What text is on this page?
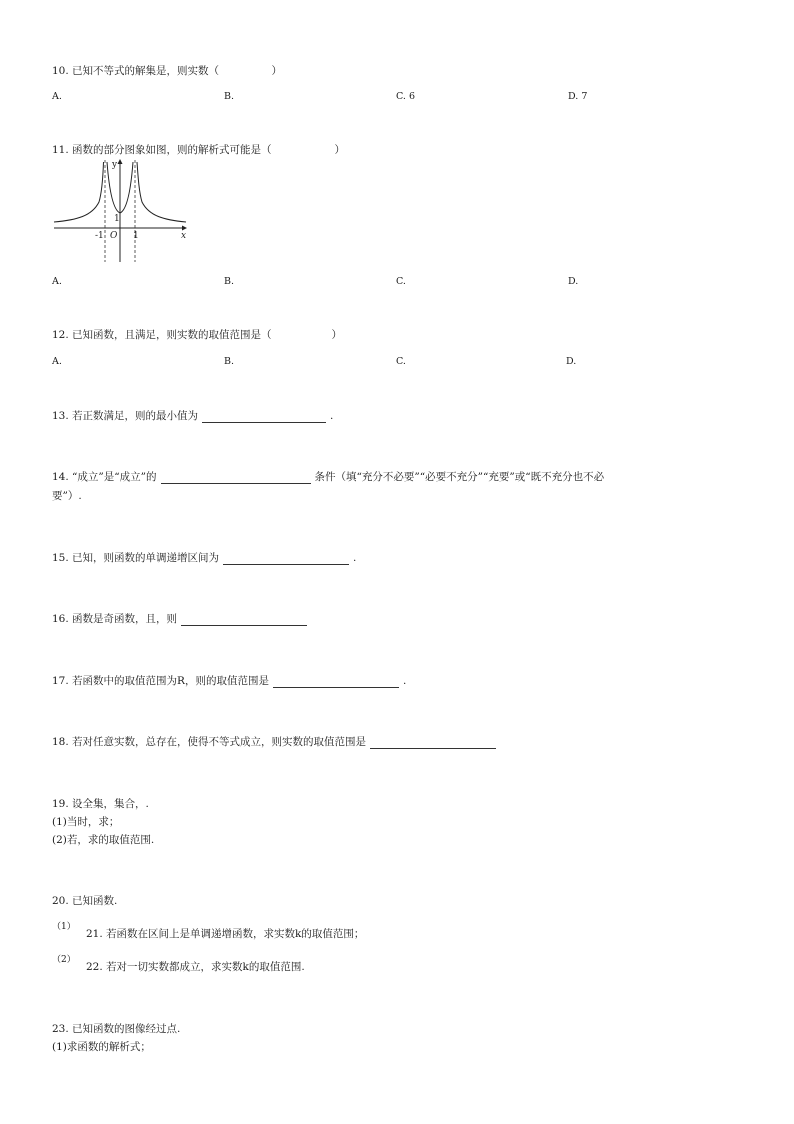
10. 已知不等式的解集是，则实数（　　　　　）
A.	B.	C. 6	D. 7
11. 函数的部分图象如图，则的解析式可能是（　　　　　　）
y
x
1
-1 O 1
A.	B.	C.	D.
12. 已知函数，且满足，则实数的取值范围是（	）
A.	B.	C.	D.
13. 若正数满足，则的最小值为	.
14. “成立”是“成立”的	条件（填“充分不必要”“必要不充分”“充要”或“既不充分也不必
要”）.
15. 已知，则函数的单调递增区间为	.
16. 函数是奇函数，且，则
17. 若函数中的取值范围为R，则的取值范围是	.
18. 若对任意实数，总存在，使得不等式成立，则实数的取值范围是
19. 设全集，集合，.
(1)当时，求；
(2)若，求的取值范围.
20. 已知函数.
（1）
21. 若函数在区间上是单调递增函数，求实数k的取值范围；
（2）
22. 若对一切实数都成立，求实数k的取值范围.
23. 已知函数的图像经过点.
(1)求函数的解析式；
